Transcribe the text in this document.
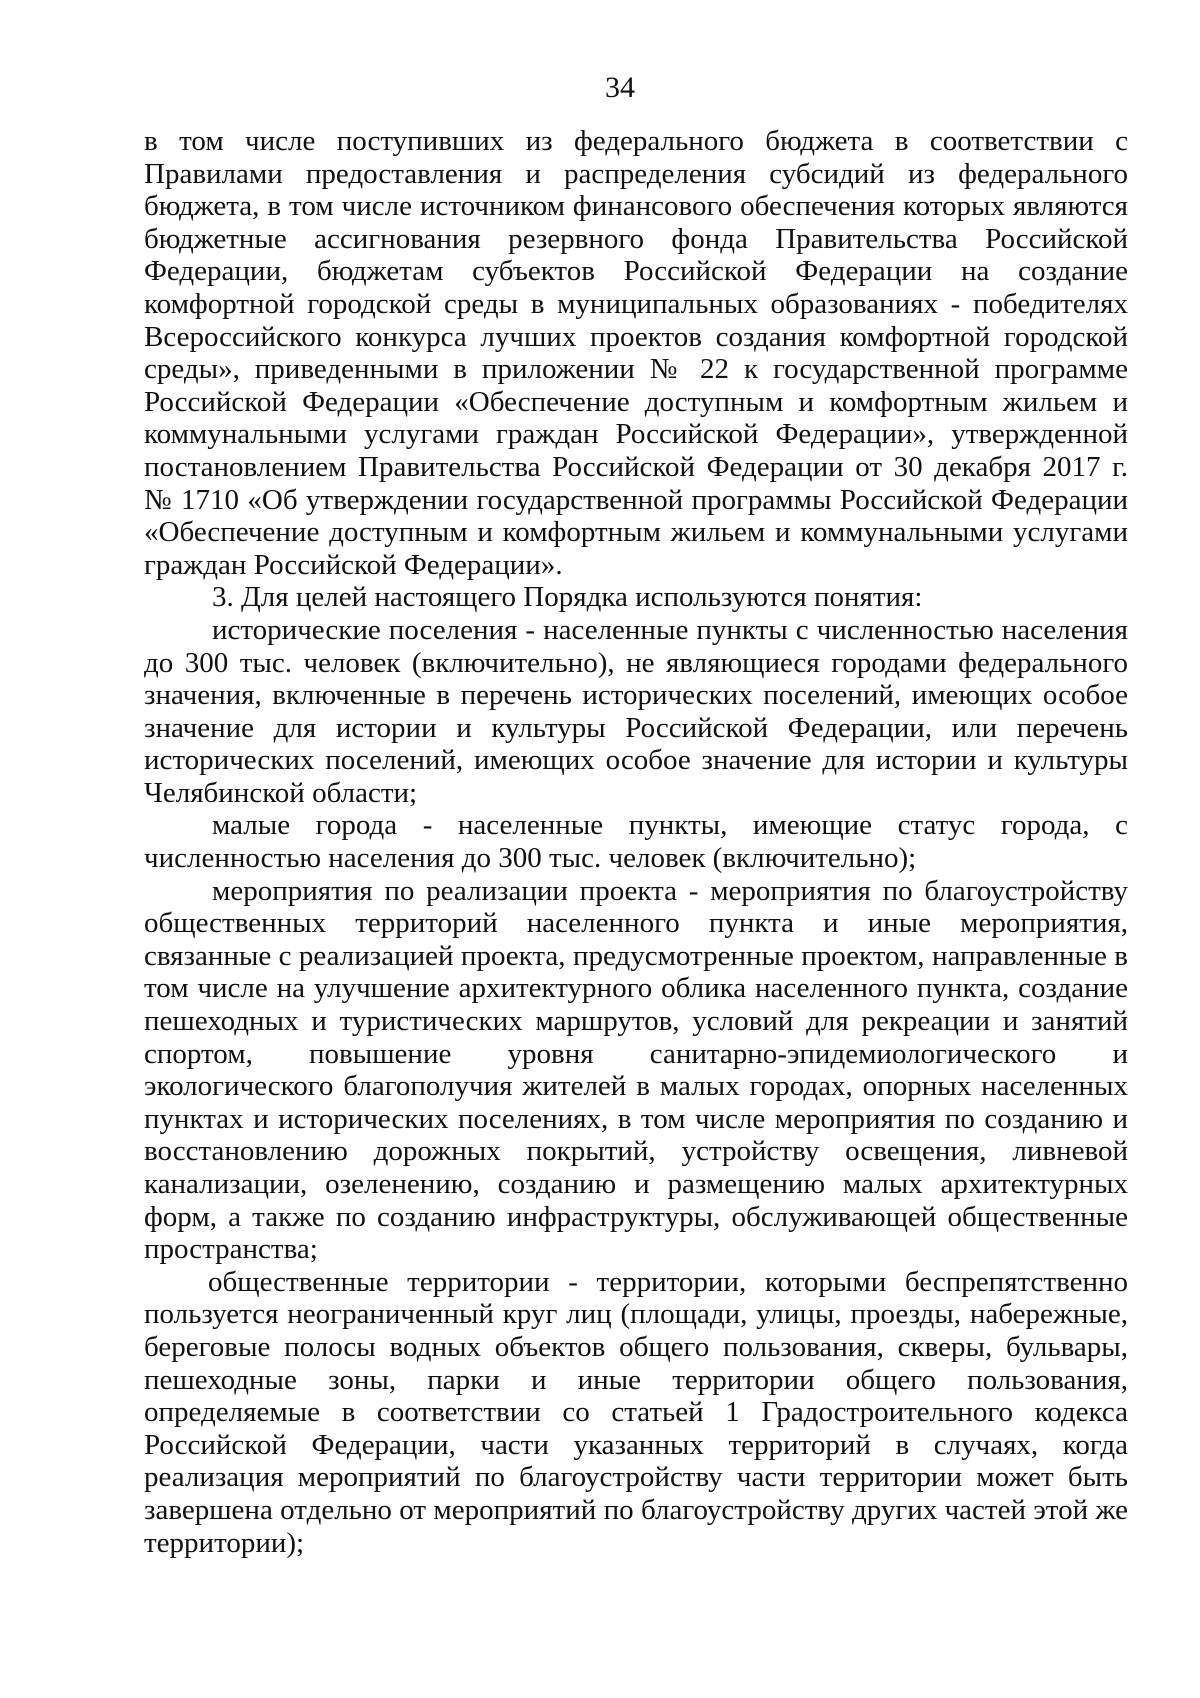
34

в том числе поступивших из федерального бюджета в соответствии с Правилами предоставления и распределения субсидий из федерального бюджета, в том числе источником финансового обеспечения которых являются бюджетные ассигнования резервного фонда Правительства Российской Федерации, бюджетам субъектов Российской Федерации на создание комфортной городской среды в муниципальных образованиях - победителях Всероссийского конкурса лучших проектов создания комфортной городской среды», приведенными в приложении № 22 к государственной программе Российской Федерации «Обеспечение доступным и комфортным жильем и коммунальными услугами граждан Российской Федерации», утвержденной постановлением Правительства Российской Федерации от 30 декабря 2017 г. № 1710 «Об утверждении государственной программы Российской Федерации «Обеспечение доступным и комфортным жильем и коммунальными услугами граждан Российской Федерации».

3. Для целей настоящего Порядка используются понятия:

исторические поселения - населенные пункты с численностью населения до 300 тыс. человек (включительно), не являющиеся городами федерального значения, включенные в перечень исторических поселений, имеющих особое значение для истории и культуры Российской Федерации, или перечень исторических поселений, имеющих особое значение для истории и культуры Челябинской области;

малые города - населенные пункты, имеющие статус города, с численностью населения до 300 тыс. человек (включительно);

мероприятия по реализации проекта - мероприятия по благоустройству общественных территорий населенного пункта и иные мероприятия, связанные с реализацией проекта, предусмотренные проектом, направленные в том числе на улучшение архитектурного облика населенного пункта, создание пешеходных и туристических маршрутов, условий для рекреации и занятий спортом, повышение уровня санитарно-эпидемиологического и экологического благополучия жителей в малых городах, опорных населенных пунктах и исторических поселениях, в том числе мероприятия по созданию и восстановлению дорожных покрытий, устройству освещения, ливневой канализации, озеленению, созданию и размещению малых архитектурных форм, а также по созданию инфраструктуры, обслуживающей общественные пространства;

общественные территории - территории, которыми беспрепятственно пользуется неограниченный круг лиц (площади, улицы, проезды, набережные, береговые полосы водных объектов общего пользования, скверы, бульвары, пешеходные зоны, парки и иные территории общего пользования, определяемые в соответствии со статьей 1 Градостроительного кодекса Российской Федерации, части указанных территорий в случаях, когда реализация мероприятий по благоустройству части территории может быть завершена отдельно от мероприятий по благоустройству других частей этой же территории);
